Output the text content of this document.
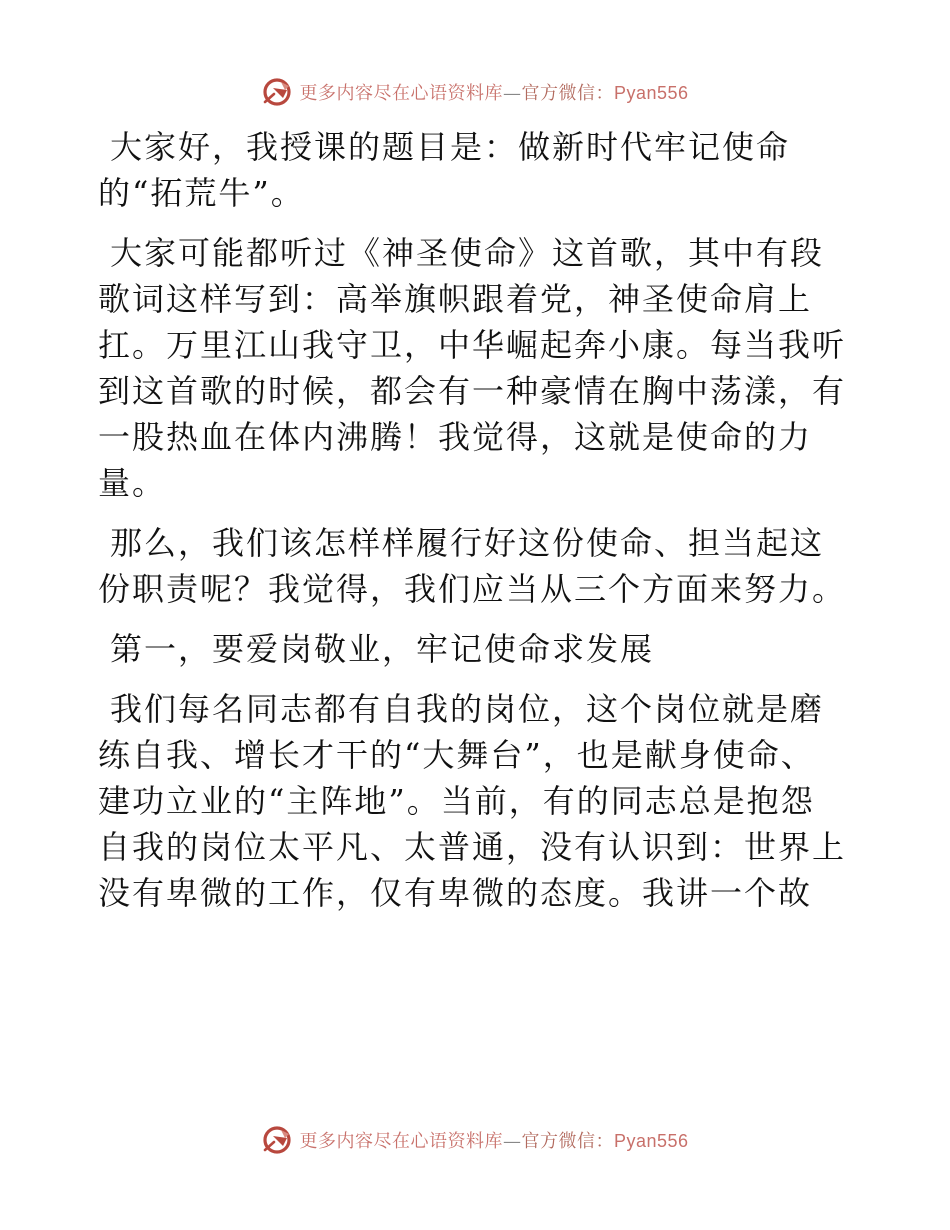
更多内容尽在心语资料库—官方微信：Pyan556

大家好，我授课的题目是：做新时代牢记使命
的“拓荒牛”。

大家可能都听过《神圣使命》这首歌，其中有段
歌词这样写到：高举旗帜跟着党，神圣使命肩上
扛。万里江山我守卫，中华崛起奔小康。每当我听
到这首歌的时候，都会有一种豪情在胸中荡漾，有
一股热血在体内沸腾！我觉得，这就是使命的力
量。

那么，我们该怎样样履行好这份使命、担当起这
份职责呢？我觉得，我们应当从三个方面来努力。

第一，要爱岗敬业，牢记使命求发展

我们每名同志都有自我的岗位，这个岗位就是磨
练自我、增长才干的“大舞台”，也是献身使命、
建功立业的“主阵地”。当前，有的同志总是抱怨
自我的岗位太平凡、太普通，没有认识到：世界上
没有卑微的工作，仅有卑微的态度。我讲一个故

更多内容尽在心语资料库—官方微信：Pyan556
